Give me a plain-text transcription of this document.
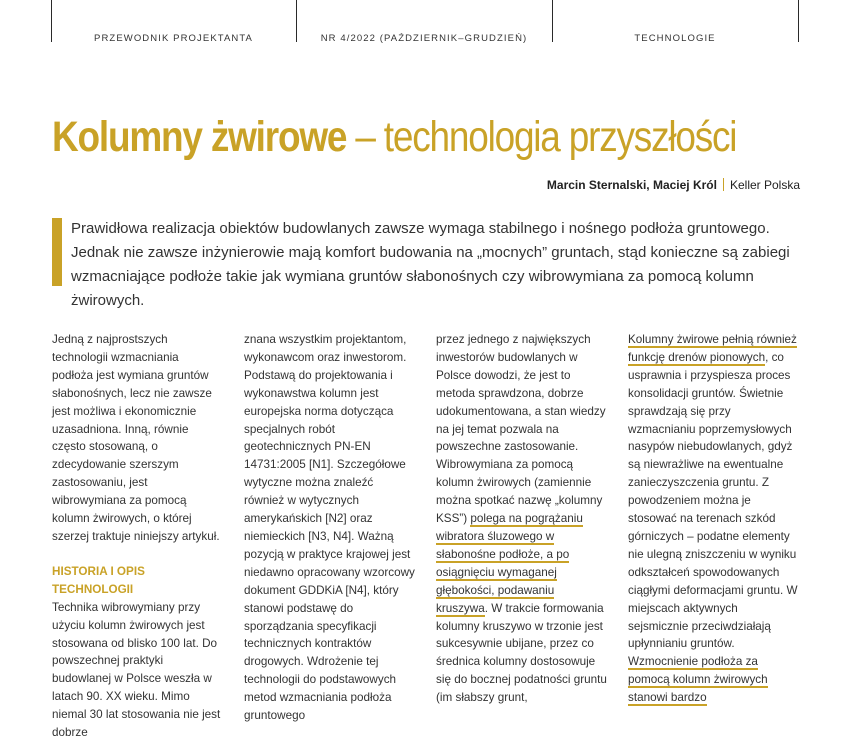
PRZEWODNIK PROJEKTANTA	NR 4/2022 (PAŹDZIERNIK–GRUDZIEŃ)	TECHNOLOGIE
Kolumny żwirowe – technologia przyszłości
Marcin Sternalski, Maciej Król Keller Polska
Prawidłowa realizacja obiektów budowlanych zawsze wymaga stabilnego i nośnego podłoża gruntowego. Jednak nie zawsze inżynierowie mają komfort budowania na „mocnych” gruntach, stąd konieczne są zabiegi wzmacniające podłoże takie jak wymiana gruntów słabonośnych czy wibrowymiana za pomocą kolumn żwirowych.

Jedną z najprostszych technologii wzmacniania podłoża jest wymiana gruntów słabonośnych, lecz nie zawsze jest możliwa i ekonomicznie uzasadniona. Inną, równie często stosowaną, o zdecydowanie szerszym zastosowaniu, jest wibrowymiana za pomocą kolumn żwirowych, o której szerzej traktuje niniejszy artykuł.

HISTORIA I OPIS TECHNOLOGII

Technika wibrowymiany przy użyciu kolumn żwirowych jest stosowana od blisko 100 lat. Do powszechnej praktyki budowlanej w Polsce weszła w latach 90. XX wieku. Mimo niemal 30 lat stosowania nie jest dobrze

znana wszystkim projektantom, wykonawcom oraz inwestorom. Podstawą do projektowania i wykonawstwa kolumn jest europejska norma dotycząca specjalnych robót geotechnicznych PN-EN 14731:2005 [N1]. Szczegółowe wytyczne można znaleźć również w wytycznych amerykańskich [N2] oraz niemieckich [N3, N4]. Ważną pozycją w praktyce krajowej jest niedawno opracowany wzorcowy dokument GDDKiA [N4], który stanowi podstawę do sporządzania specyfikacji technicznych kontraktów drogowych. Wdrożenie tej technologii do podstawowych metod wzmacniania podłoża gruntowego

przez jednego z największych inwestorów budowlanych w Polsce dowodzi, że jest to metoda sprawdzona, dobrze udokumentowana, a stan wiedzy na jej temat pozwala na powszechne zastosowanie.

Wibrowymiana za pomocą kolumn żwirowych (zamiennie można spotkać nazwę „kolumny KSS”) polega na pogrążaniu wibratora śluzowego w słabonośne podłoże, a po osiągnięciu wymaganej głębokości, podawaniu kruszywa. W trakcie formowania kolumny kruszywo w trzonie jest sukcesywnie ubijane, przez co średnica kolumny dostosowuje się do bocznej podatności gruntu (im słabszy grunt,

Kolumny żwirowe pełnią również funkcję drenów pionowych, co usprawnia i przyspiesza proces konsolidacji gruntów. Świetnie sprawdzają się przy wzmacnianiu poprzemysłowych nasypów niebudowlanych, gdyż są niewrażliwe na ewentualne zanieczyszczenia gruntu. Z powodzeniem można je stosować na terenach szkód górniczych – podatne elementy nie ulegną zniszczeniu w wyniku odkształceń spowodowanych ciągłymi deformacjami gruntu. W miejscach aktywnych sejsmicznie przeciwdziałają upłynnianiu gruntów. Wzmocnienie podłoża za pomocą kolumn żwirowych stanowi bardzo
